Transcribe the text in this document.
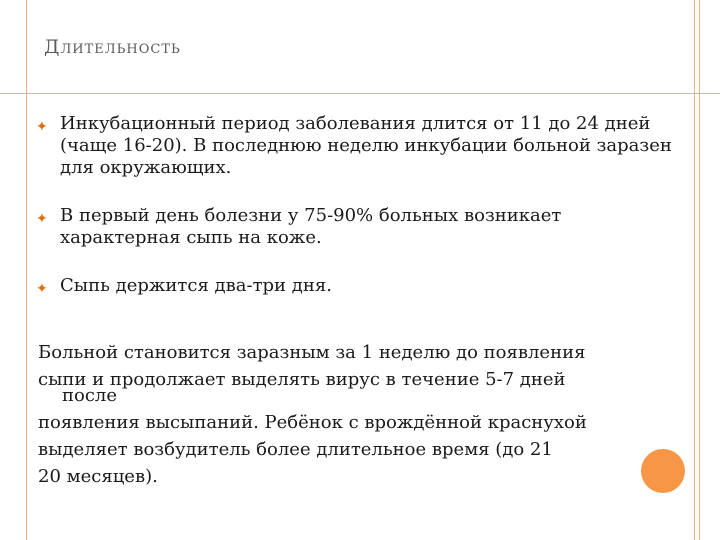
Длительность
✦ Инкубационный период заболевания длится от 11 до 24 дней (чаще 16-20). В последнюю неделю инкубации больной заразен для окружающих.
✦ В первый день болезни у 75-90% больных возникает характерная сыпь на коже.
✦ Сыпь держится два-три дня.
Больной становится заразным за 1 неделю до появления
сыпи и продолжает выделять вирус в течение 5-7 дней
после
появления высыпаний. Ребёнок с врождённой краснухой
выделяет возбудитель более длительное время (до 21
20 месяцев).
